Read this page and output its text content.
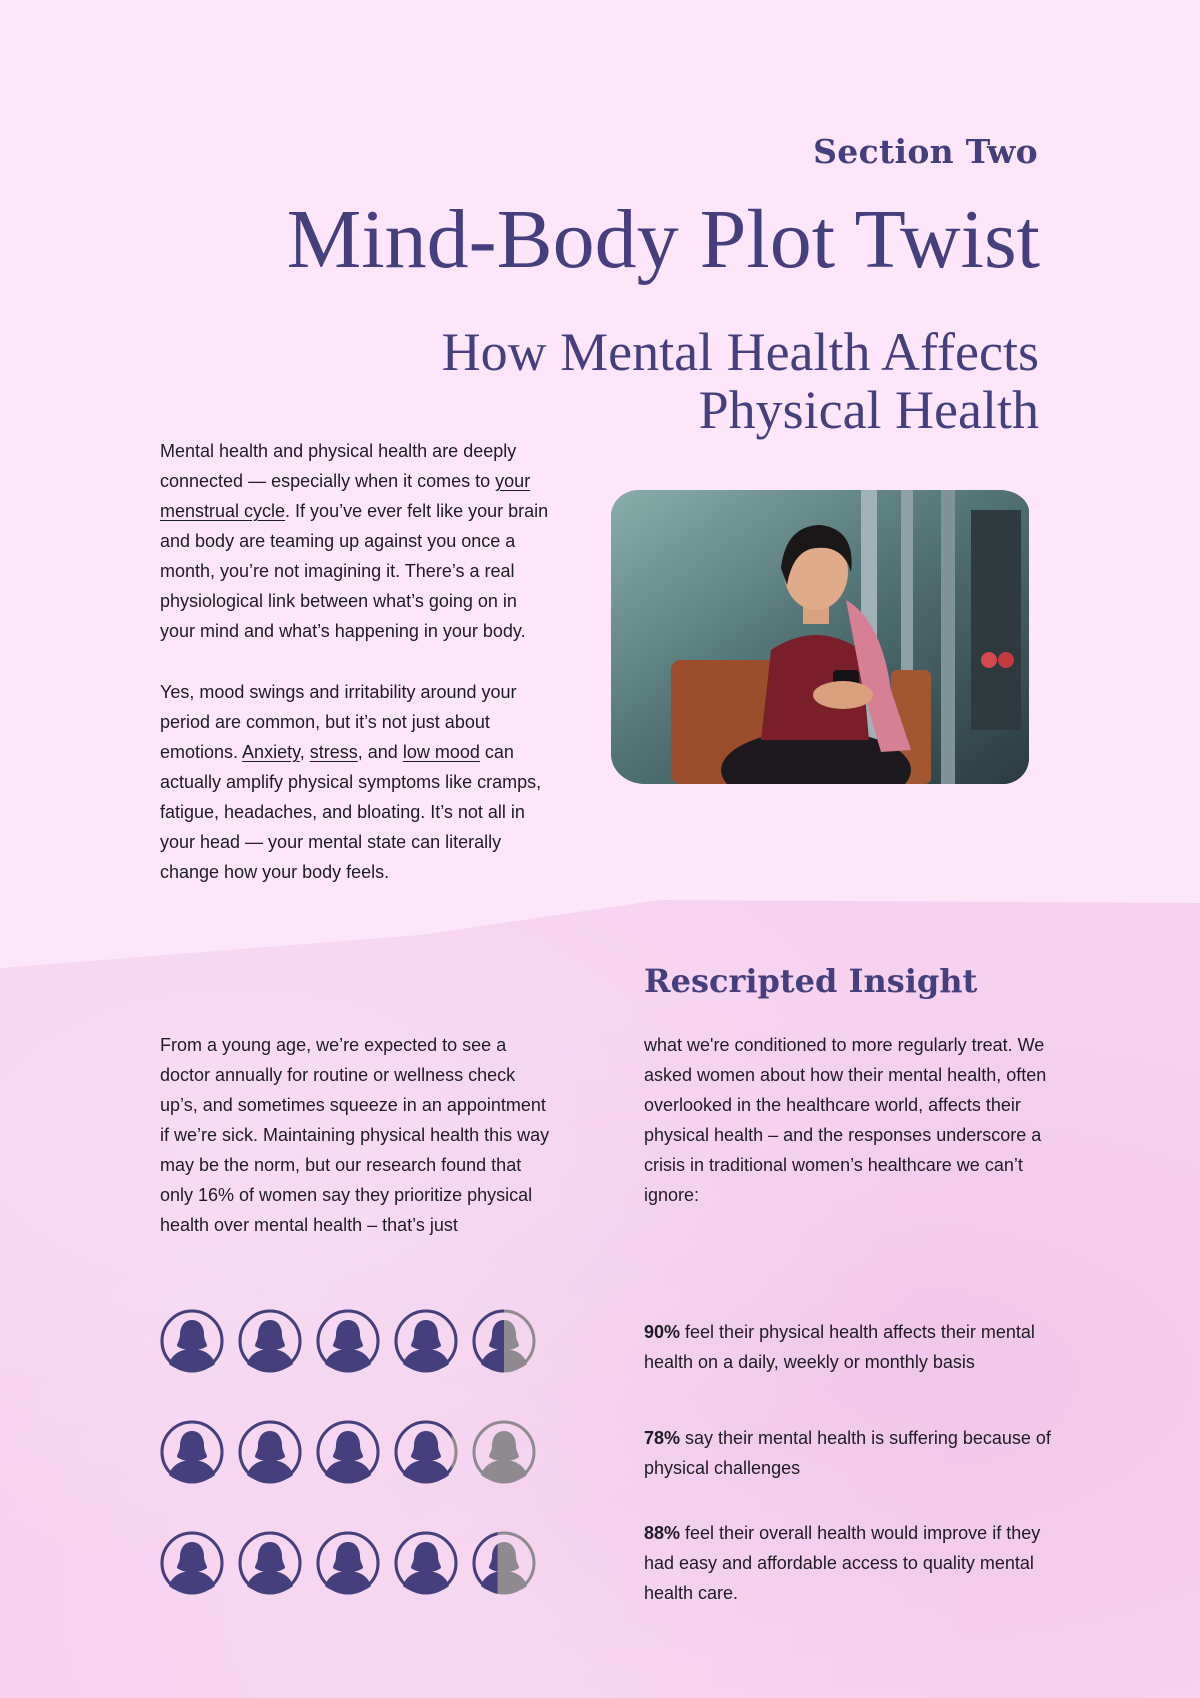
Section Two
Mind-Body Plot Twist
How Mental Health Affects Physical Health
Mental health and physical health are deeply connected — especially when it comes to your menstrual cycle. If you’ve ever felt like your brain and body are teaming up against you once a month, you’re not imagining it. There’s a real physiological link between what’s going on in your mind and what’s happening in your body.
Yes, mood swings and irritability around your period are common, but it’s not just about emotions. Anxiety, stress, and low mood can actually amplify physical symptoms like cramps, fatigue, headaches, and bloating. It’s not all in your head — your mental state can literally change how your body feels.
Rescripted Insight
From a young age, we’re expected to see a doctor annually for routine or wellness check up’s, and sometimes squeeze in an appointment if we’re sick. Maintaining physical health this way may be the norm, but our research found that only 16% of women say they prioritize physical health over mental health – that’s just
what we're conditioned to more regularly treat. We asked women about how their mental health, often overlooked in the healthcare world, affects their physical health – and the responses underscore a crisis in traditional women’s healthcare we can’t ignore:
90% feel their physical health affects their mental health on a daily, weekly or monthly basis
78% say their mental health is suffering because of physical challenges
88% feel their overall health would improve if they had easy and affordable access to quality mental health care.
